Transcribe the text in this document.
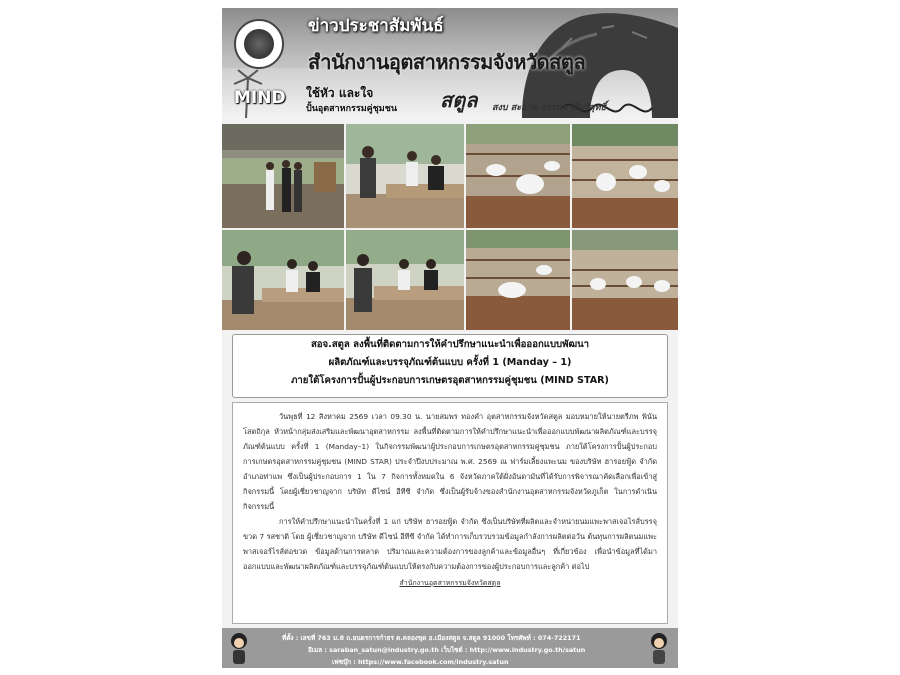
ข่าวประชาสัมพันธ์
สำนักงานอุตสาหกรรมจังหวัดสตูล
MIND ใช้หัว และใจ
ปั้นอุตสาหกรรมคู่ชุมชน สตูล สงบ สะอาด ธรรมชาติบริสุทธิ์
สอจ.สตูล ลงพื้นที่ติดตามการให้คำปรึกษาแนะนำเพื่อออกแบบพัฒนา
ผลิตภัณฑ์และบรรจุภัณฑ์ต้นแบบ ครั้งที่ 1 (Manday – 1)
ภายใต้โครงการปั้นผู้ประกอบการเกษตรอุตสาหกรรมคู่ชุมชน (MIND STAR)

วันพุธที่ 12 สิงหาคม 2569 เวลา 09.30 น. นายสมพร ทองคำ อุตสาหกรรมจังหวัดสตูล มอบหมายให้นายตรีภพ พินันโสตถิกุล หัวหน้ากลุ่มส่งเสริมและพัฒนาอุตสาหกรรม ลงพื้นที่ติดตามการให้คำปรึกษาแนะนำเพื่อออกแบบพัฒนาผลิตภัณฑ์และบรรจุภัณฑ์ต้นแบบ ครั้งที่ 1 (Manday–1) ในกิจกรรมพัฒนาผู้ประกอบการเกษตรอุตสาหกรรมคู่ชุมชน ภายใต้โครงการปั้นผู้ประกอบการเกษตรอุตสาหกรรมคู่ชุมชน (MIND STAR) ประจำปีงบประมาณ พ.ศ. 2569 ณ ฟาร์มเลี้ยงแพะนม ของบริษัท ฮารอยฟู้ด จำกัด อำเภอท่าแพ ซึ่งเป็นผู้ประกอบการ 1 ใน 7 กิจการทั้งหมดใน 6 จังหวัดภาคใต้ฝั่งอันดามันที่ได้รับการพิจารณาคัดเลือกเพื่อเข้าสู่กิจกรรมนี้ โดยผู้เชี่ยวชาญจาก บริษัท ดีไซน์ อีทีซี จำกัด ซึ่งเป็นผู้รับจ้างของสำนักงานอุตสาหกรรมจังหวัดภูเก็ต ในการดำเนินกิจกรรมนี้

การให้คำปรึกษาแนะนำในครั้งที่ 1 แก่ บริษัท ฮารอยฟู้ด จำกัด ซึ่งเป็นบริษัทที่ผลิตและจำหน่ายนมแพะพาสเจอไรส์บรรจุขวด 7 รสชาติ โดย ผู้เชี่ยวชาญจาก บริษัท ดีไซน์ อีทีซี จำกัด ได้ทำการเก็บรวบรวมข้อมูลกำลังการผลิตต่อวัน ต้นทุนการผลิตนมแพะพาสเจอร์ไรส์ต่อขวด ข้อมูลด้านการตลาด ปริมาณและความต้องการของลูกค้าและข้อมูลอื่นๆ ที่เกี่ยวข้อง เพื่อนำข้อมูลที่ได้มาออกแบบและพัฒนาผลิตภัณฑ์และบรรจุภัณฑ์ต้นแบบให้ตรงกับความต้องการของผู้ประกอบการและลูกค้า ต่อไป

สำนักงานอุตสาหกรรมจังหวัดสตูล
ที่ตั้ง : เลขที่ 763 ม.8 ถ.ยนตรการกำธร ต.คลองขุด อ.เมืองสตูล จ.สตูล 91000 โทรศัพท์ : 074-722171
อีเมล : saraban_satun@industry.go.th เว็บไซต์ : http://www.industry.go.th/satun
เฟซบุ๊ก : https://www.facebook.com/industry.satun
